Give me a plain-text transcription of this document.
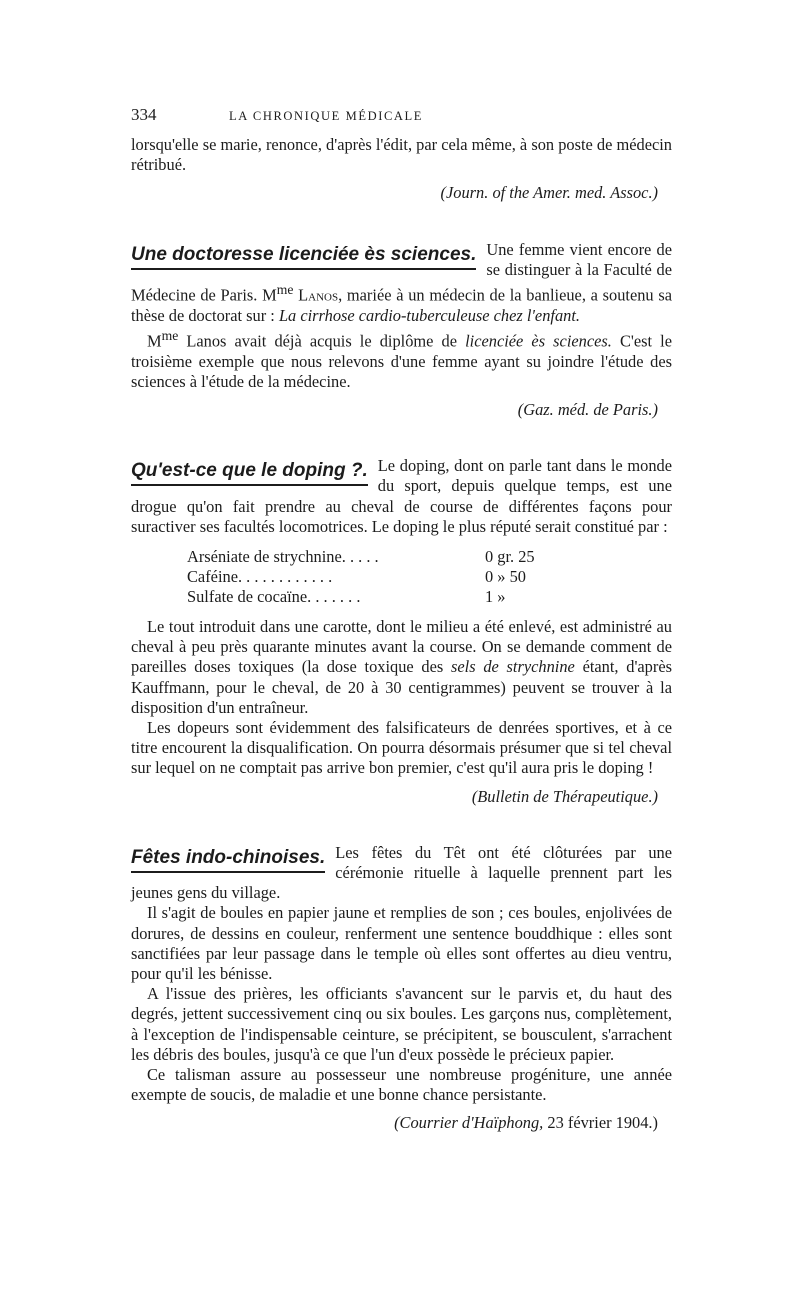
334	LA CHRONIQUE MÉDICALE

lorsqu'elle se marie, renonce, d'après l'édit, par cela même, à son poste de médecin rétribué.

(Journ. of the Amer. med. Assoc.)

Une doctoresse licenciée ès sciences. Une femme vient encore de se distinguer à la Faculté de Médecine de Paris. $M^{me}$ Lanos, mariée à un médecin de la banlieue, a soutenu sa thèse de doctorat sur : La cirrhose cardio-tuberculeuse chez l'enfant.

$M^{me}$ Lanos avait déjà acquis le diplôme de licenciée ès sciences. C'est le troisième exemple que nous relevons d'une femme ayant su joindre l'étude des sciences à l'étude de la médecine.

(Gaz. méd. de Paris.)

Qu'est-ce que le doping ?. Le doping, dont on parle tant dans le monde du sport, depuis quelque temps, est une drogue qu'on fait prendre au cheval de course de différentes façons pour suractiver ses facultés locomotrices. Le doping le plus réputé serait constitué par :

Arséniate de strychnine. . . . .	0 gr. 25
Caféine. . . . . . . . . . . .	0 » 50
Sulfate de cocaïne. . . . . . .	1 »

Le tout introduit dans une carotte, dont le milieu a été enlevé, est administré au cheval à peu près quarante minutes avant la course. On se demande comment de pareilles doses toxiques (la dose toxique des sels de strychnine étant, d'après Kauffmann, pour le cheval, de 20 à 30 centigrammes) peuvent se trouver à la disposition d'un entraîneur.

Les dopeurs sont évidemment des falsificateurs de denrées sportives, et à ce titre encourent la disqualification. On pourra désormais présumer que si tel cheval sur lequel on ne comptait pas arrive bon premier, c'est qu'il aura pris le doping !

(Bulletin de Thérapeutique.)

Fêtes indo-chinoises. Les fêtes du Têt ont été clôturées par une cérémonie rituelle à laquelle prennent part les jeunes gens du village.

Il s'agit de boules en papier jaune et remplies de son ; ces boules, enjolivées de dorures, de dessins en couleur, renferment une sentence bouddhique : elles sont sanctifiées par leur passage dans le temple où elles sont offertes au dieu ventru, pour qu'il les bénisse.

A l'issue des prières, les officiants s'avancent sur le parvis et, du haut des degrés, jettent successivement cinq ou six boules. Les garçons nus, complètement, à l'exception de l'indispensable ceinture, se précipitent, se bousculent, s'arrachent les débris des boules, jusqu'à ce que l'un d'eux possède le précieux papier.

Ce talisman assure au possesseur une nombreuse progéniture, une année exempte de soucis, de maladie et une bonne chance persistante.

(Courrier d'Haïphong, 23 février 1904.)
